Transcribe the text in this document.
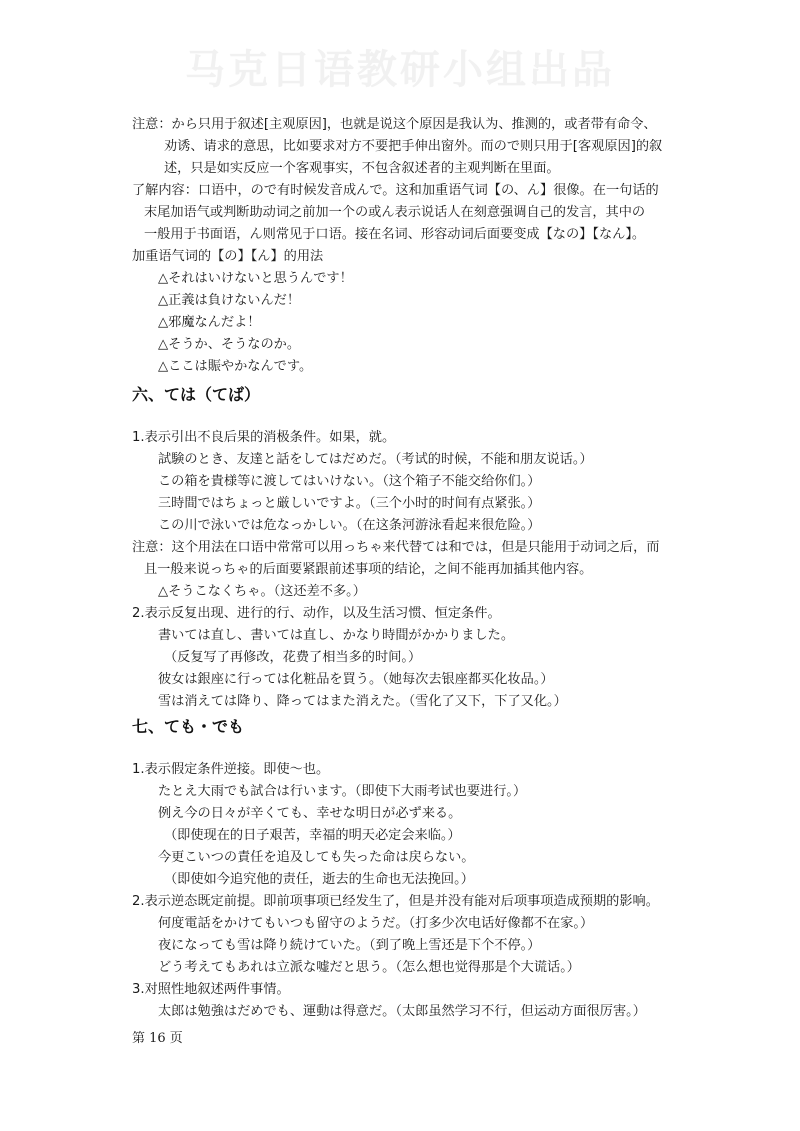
马克日语教研小组出品
注意：から只用于叙述[主观原因]，也就是说这个原因是我认为、推测的，或者带有命令、
劝诱、请求的意思，比如要求对方不要把手伸出窗外。而ので则只用于[客观原因]的叙
述，只是如实反应一个客观事实，不包含叙述者的主观判断在里面。
了解内容：口语中，ので有时候发音成んで。这和加重语气词【の、ん】很像。在一句话的
末尾加语气或判断助动词之前加一个の或ん表示说话人在刻意强调自己的发言，其中の
一般用于书面语，ん则常见于口语。接在名词、形容动词后面要变成【なの】【なん】。
加重语气词的【の】【ん】的用法
△それはいけないと思うんです！
△正義は負けないんだ！
△邪魔なんだよ！
△そうか、そうなのか。
△ここは賑やかなんです。
六、ては（てば）
1.表示引出不良后果的消极条件。如果，就。
試験のとき、友達と話をしてはだめだ。（考试的时候，不能和朋友说话。）
この箱を貴様等に渡してはいけない。（这个箱子不能交给你们。）
三時間ではちょっと厳しいですよ。（三个小时的时间有点紧张。）
この川で泳いでは危なっかしい。（在这条河游泳看起来很危险。）
注意：这个用法在口语中常常可以用っちゃ来代替ては和では，但是只能用于动词之后，而
且一般来说っちゃ的后面要紧跟前述事项的结论，之间不能再加插其他内容。
△そうこなくちゃ。（这还差不多。）
2.表示反复出现、进行的行、动作，以及生活习惯、恒定条件。
書いては直し、書いては直し、かなり時間がかかりました。
（反复写了再修改，花费了相当多的时间。）
彼女は銀座に行っては化粧品を買う。（她每次去银座都买化妆品。）
雪は消えては降り、降ってはまた消えた。（雪化了又下，下了又化。）
七、ても・でも
1.表示假定条件逆接。即使～也。
たとえ大雨でも試合は行います。（即使下大雨考试也要进行。）
例え今の日々が辛くても、幸せな明日が必ず来る。
（即使现在的日子艰苦，幸福的明天必定会来临。）
今更こいつの責任を追及しても失った命は戻らない。
（即使如今追究他的责任，逝去的生命也无法挽回。）
2.表示逆态既定前提。即前项事项已经发生了，但是并没有能对后项事项造成预期的影响。
何度電話をかけてもいつも留守のようだ。（打多少次电话好像都不在家。）
夜になっても雪は降り続けていた。（到了晚上雪还是下个不停。）
どう考えてもあれは立派な嘘だと思う。（怎么想也觉得那是个大谎话。）
3.对照性地叙述两件事情。
太郎は勉強はだめでも、運動は得意だ。（太郎虽然学习不行，但运动方面很厉害。）
第 16 页
